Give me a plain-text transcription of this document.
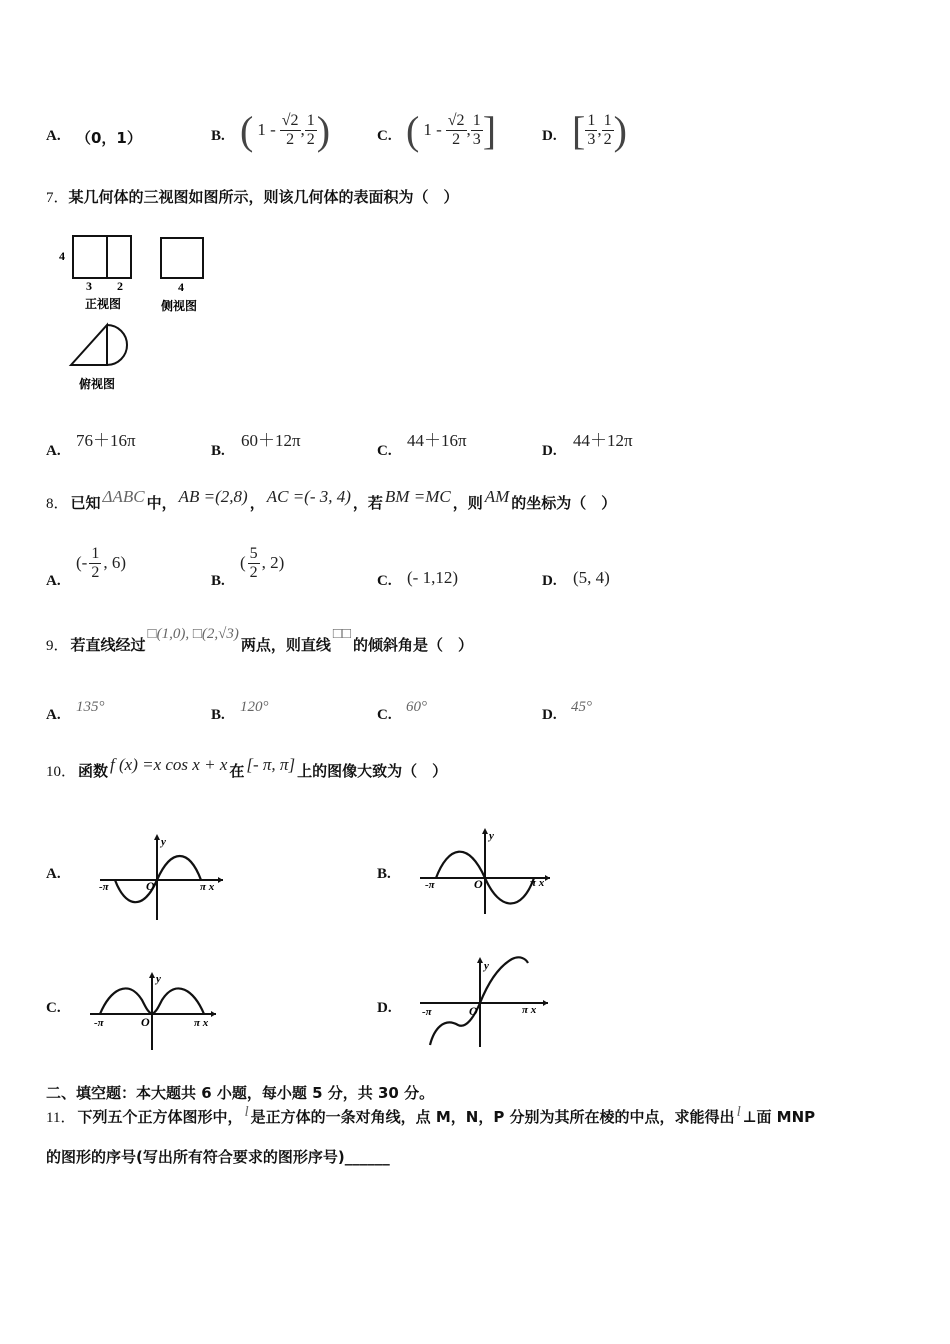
A. （0，1）	B. ( $1 - \frac{√2}{2}$ , $\frac{1}{2}$ )	C. ( $1 - \frac{√2}{2}$ , $\frac{1}{3}$ ]	D. [ $\frac{1}{3}$ , $\frac{1}{2}$ )
7．某几何体的三视图如图所示，则该几何体的表面积为（　）
4
3 2
正视图
4
侧视图
俯视图
A.
76＋16π
B.
60＋12π
C.
44＋16π
D.
44＋12π
8． 已知 ΔABC 中， AB =(2,8) ， AC =(- 3, 4) ，若 BM =MC ，则 AM 的坐标为（　）
A.
(- $\frac{1}{2}$ , 6)
B.
( $\frac{5}{2}$ , 2)
C. (- 1,12)	D. (5, 4)
9． 若直线经过
□(1,0), □(2,√3)
两点，则直线
□□
的倾斜角是（　）
A. 135°	B. 120°	C. 60°	D. 45°
10． 函数 f (x) =x cos x + x 在 [- π, π] 上的图像大致为（　）
A.	B.
C.	D.
-π	O	π x
y
-π	O	π x
y
-π	O	π x
y
-π	O	π x
y
二、填空题：本大题共 6 小题，每小题 5 分，共 30 分。
11． 下列五个正方体图形中， l 是正方体的一条对角线，点 M，N，P 分别为其所在棱的中点，求能得出 l ⊥面 MNP
的图形的序号(写出所有符合要求的图形序号)______
